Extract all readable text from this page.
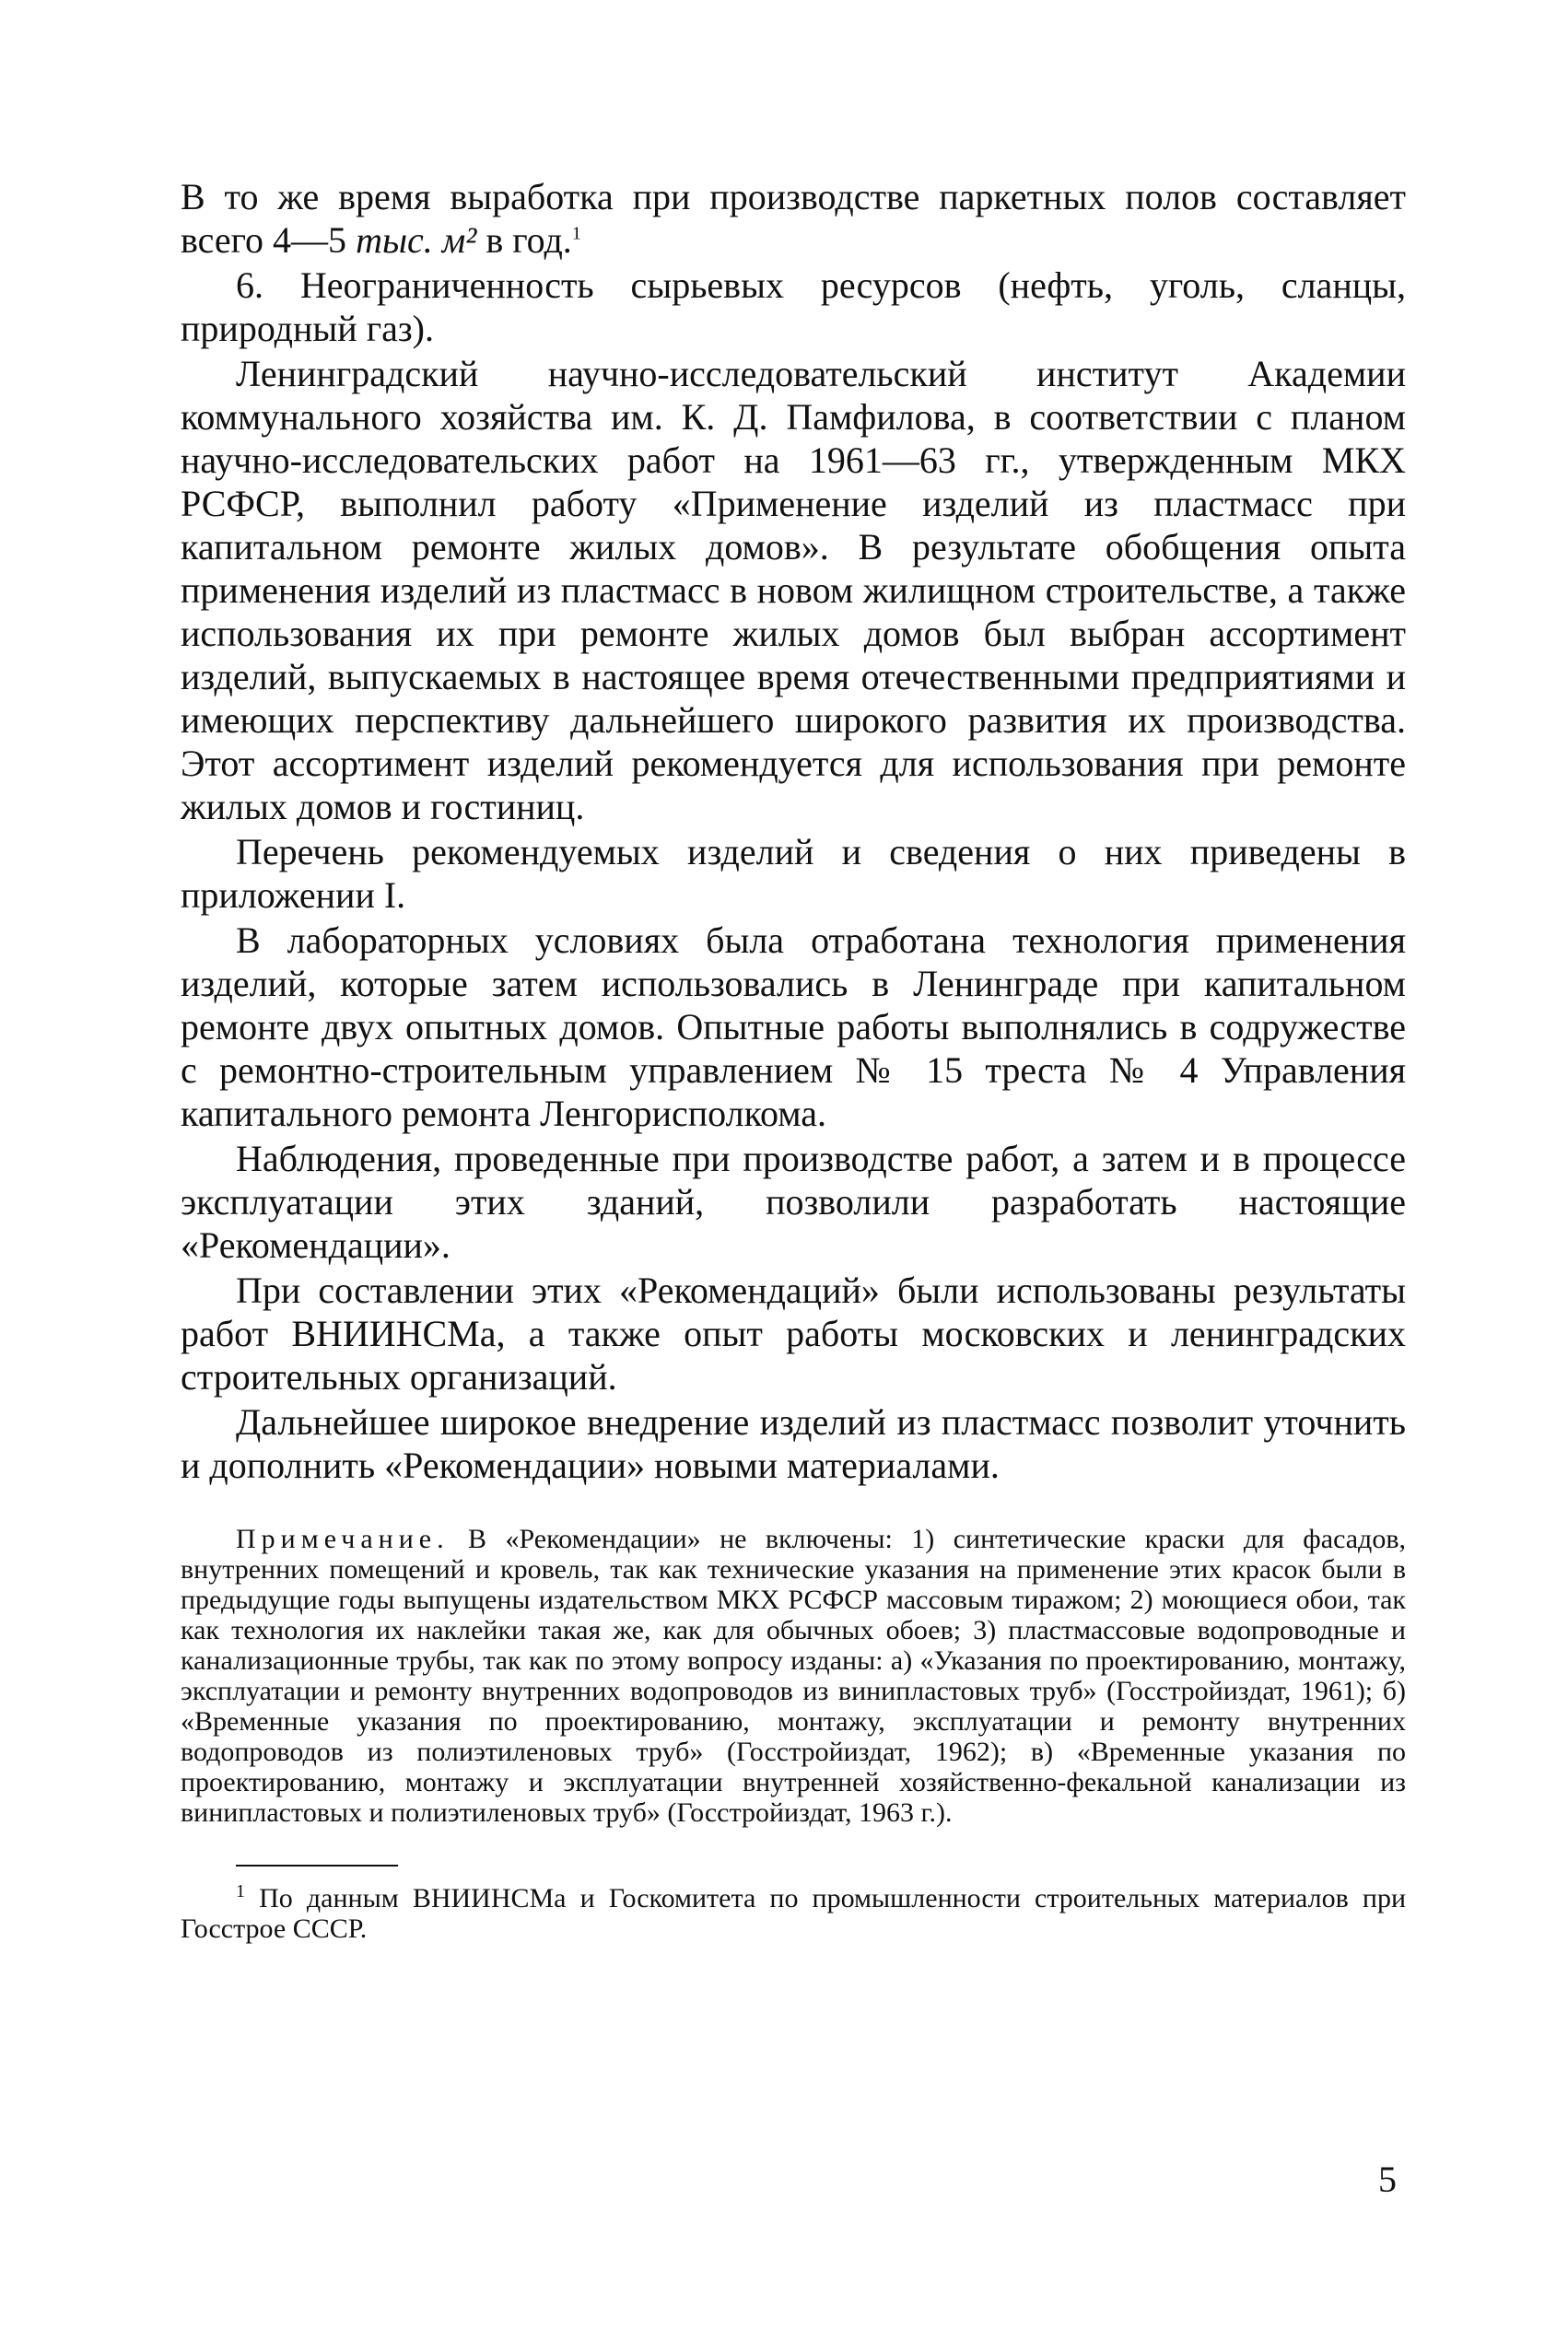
В то же время выработка при производстве паркетных полов составляет всего 4—5 тыс. м² в год.$^1$

6. Неограниченность сырьевых ресурсов (нефть, уголь, сланцы, природный газ).

Ленинградский научно-исследовательский институт Академии коммунального хозяйства им. К. Д. Памфилова, в соответствии с планом научно-исследовательских работ на 1961—63 гг., утвержденным МКХ РСФСР, выполнил работу «Применение изделий из пластмасс при капитальном ремонте жилых домов». В результате обобщения опыта применения изделий из пластмасс в новом жилищном строительстве, а также использования их при ремонте жилых домов был выбран ассортимент изделий, выпускаемых в настоящее время отечественными предприятиями и имеющих перспективу дальнейшего широкого развития их производства. Этот ассортимент изделий рекомендуется для использования при ремонте жилых домов и гостиниц.

Перечень рекомендуемых изделий и сведения о них приведены в приложении I.

В лабораторных условиях была отработана технология применения изделий, которые затем использовались в Ленинграде при капитальном ремонте двух опытных домов. Опытные работы выполнялись в содружестве с ремонтно-строительным управлением № 15 треста № 4 Управления капитального ремонта Ленгорисполкома.

Наблюдения, проведенные при производстве работ, а затем и в процессе эксплуатации этих зданий, позволили разработать настоящие «Рекомендации».

При составлении этих «Рекомендаций» были использованы результаты работ ВНИИНСМа, а также опыт работы московских и ленинградских строительных организаций.

Дальнейшее широкое внедрение изделий из пластмасс позволит уточнить и дополнить «Рекомендации» новыми материалами.

Примечание. В «Рекомендации» не включены: 1) синтетические краски для фасадов, внутренних помещений и кровель, так как технические указания на применение этих красок были в предыдущие годы выпущены издательством МКХ РСФСР массовым тиражом; 2) моющиеся обои, так как технология их наклейки такая же, как для обычных обоев; 3) пластмассовые водопроводные и канализационные трубы, так как по этому вопросу изданы: а) «Указания по проектированию, монтажу, эксплуатации и ремонту внутренних водопроводов из винипластовых труб» (Госстройиздат, 1961); б) «Временные указания по проектированию, монтажу, эксплуатации и ремонту внутренних водопроводов из полиэтиленовых труб» (Госстройиздат, 1962); в) «Временные указания по проектированию, монтажу и эксплуатации внутренней хозяйственно-фекальной канализации из винипластовых и полиэтиленовых труб» (Госстройиздат, 1963 г.).
$^1$ По данным ВНИИНСМа и Госкомитета по промышленности строительных материалов при Госстрое СССР.
5
